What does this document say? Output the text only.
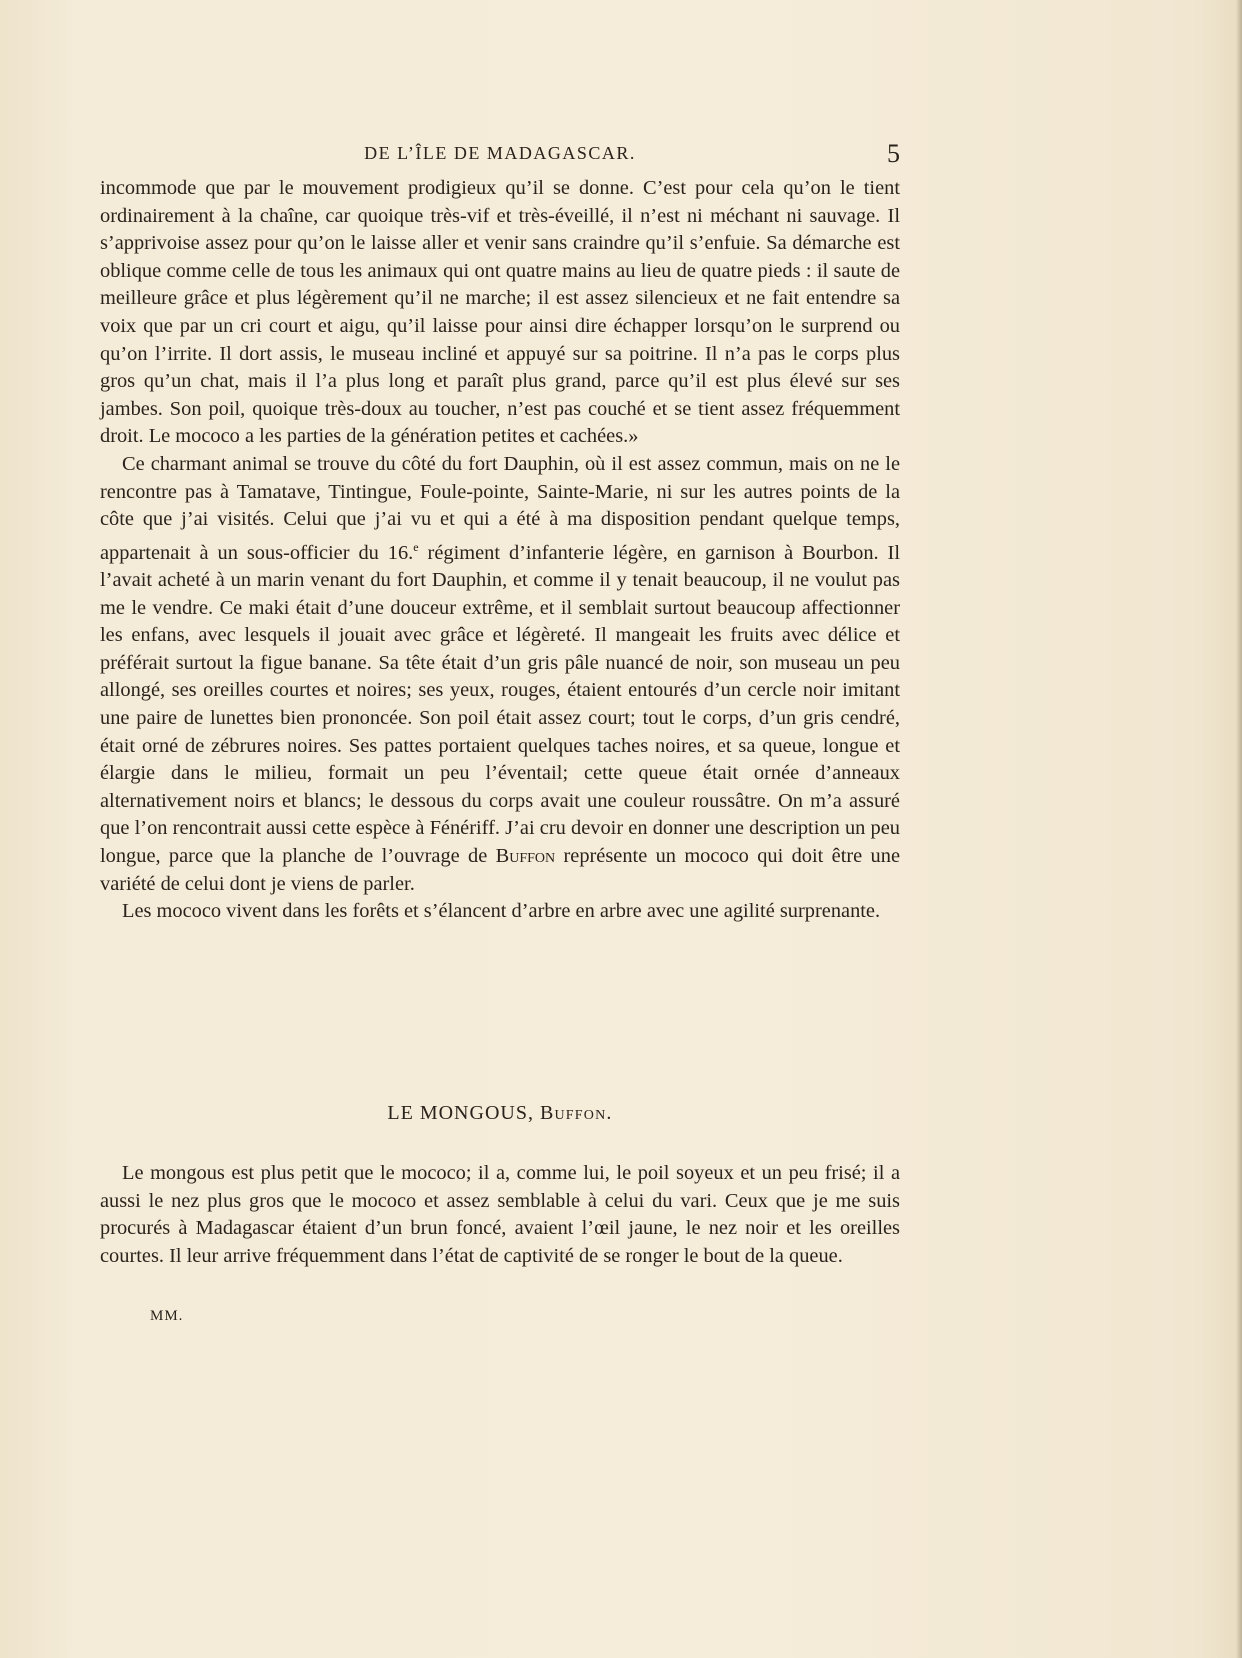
DE L’ÎLE DE MADAGASCAR.	5

incommode que par le mouvement prodigieux qu’il se donne. C’est pour cela qu’on le tient ordinairement à la chaîne, car quoique très-vif et très-éveillé, il n’est ni méchant ni sauvage. Il s’apprivoise assez pour qu’on le laisse aller et venir sans craindre qu’il s’enfuie. Sa démarche est oblique comme celle de tous les animaux qui ont quatre mains au lieu de quatre pieds : il saute de meilleure grâce et plus légèrement qu’il ne marche; il est assez silencieux et ne fait entendre sa voix que par un cri court et aigu, qu’il laisse pour ainsi dire échapper lorsqu’on le surprend ou qu’on l’irrite. Il dort assis, le museau incliné et appuyé sur sa poitrine. Il n’a pas le corps plus gros qu’un chat, mais il l’a plus long et paraît plus grand, parce qu’il est plus élevé sur ses jambes. Son poil, quoique très-doux au toucher, n’est pas couché et se tient assez fréquemment droit. Le mococo a les parties de la génération petites et cachées.»

Ce charmant animal se trouve du côté du fort Dauphin, où il est assez commun, mais on ne le rencontre pas à Tamatave, Tintingue, Foule-pointe, Sainte-Marie, ni sur les autres points de la côte que j’ai visités. Celui que j’ai vu et qui a été à ma disposition pendant quelque temps, appartenait à un sous-officier du 16.$^e$ régiment d’infanterie légère, en garnison à Bourbon. Il l’avait acheté à un marin venant du fort Dauphin, et comme il y tenait beaucoup, il ne voulut pas me le vendre. Ce maki était d’une douceur extrême, et il semblait surtout beaucoup affectionner les enfans, avec lesquels il jouait avec grâce et légèreté. Il mangeait les fruits avec délice et préférait surtout la figue banane. Sa tête était d’un gris pâle nuancé de noir, son museau un peu allongé, ses oreilles courtes et noires; ses yeux, rouges, étaient entourés d’un cercle noir imitant une paire de lunettes bien prononcée. Son poil était assez court; tout le corps, d’un gris cendré, était orné de zébrures noires. Ses pattes portaient quelques taches noires, et sa queue, longue et élargie dans le milieu, formait un peu l’éventail; cette queue était ornée d’anneaux alternativement noirs et blancs; le dessous du corps avait une couleur roussâtre. On m’a assuré que l’on rencontrait aussi cette espèce à Fénériff. J’ai cru devoir en donner une description un peu longue, parce que la planche de l’ouvrage de Buffon représente un mococo qui doit être une variété de celui dont je viens de parler.

Les mococo vivent dans les forêts et s’élancent d’arbre en arbre avec une agilité surprenante.

LE MONGOUS, Buffon.

Le mongous est plus petit que le mococo; il a, comme lui, le poil soyeux et un peu frisé; il a aussi le nez plus gros que le mococo et assez semblable à celui du vari. Ceux que je me suis procurés à Madagascar étaient d’un brun foncé, avaient l’œil jaune, le nez noir et les oreilles courtes. Il leur arrive fréquemment dans l’état de captivité de se ronger le bout de la queue.

MM.
